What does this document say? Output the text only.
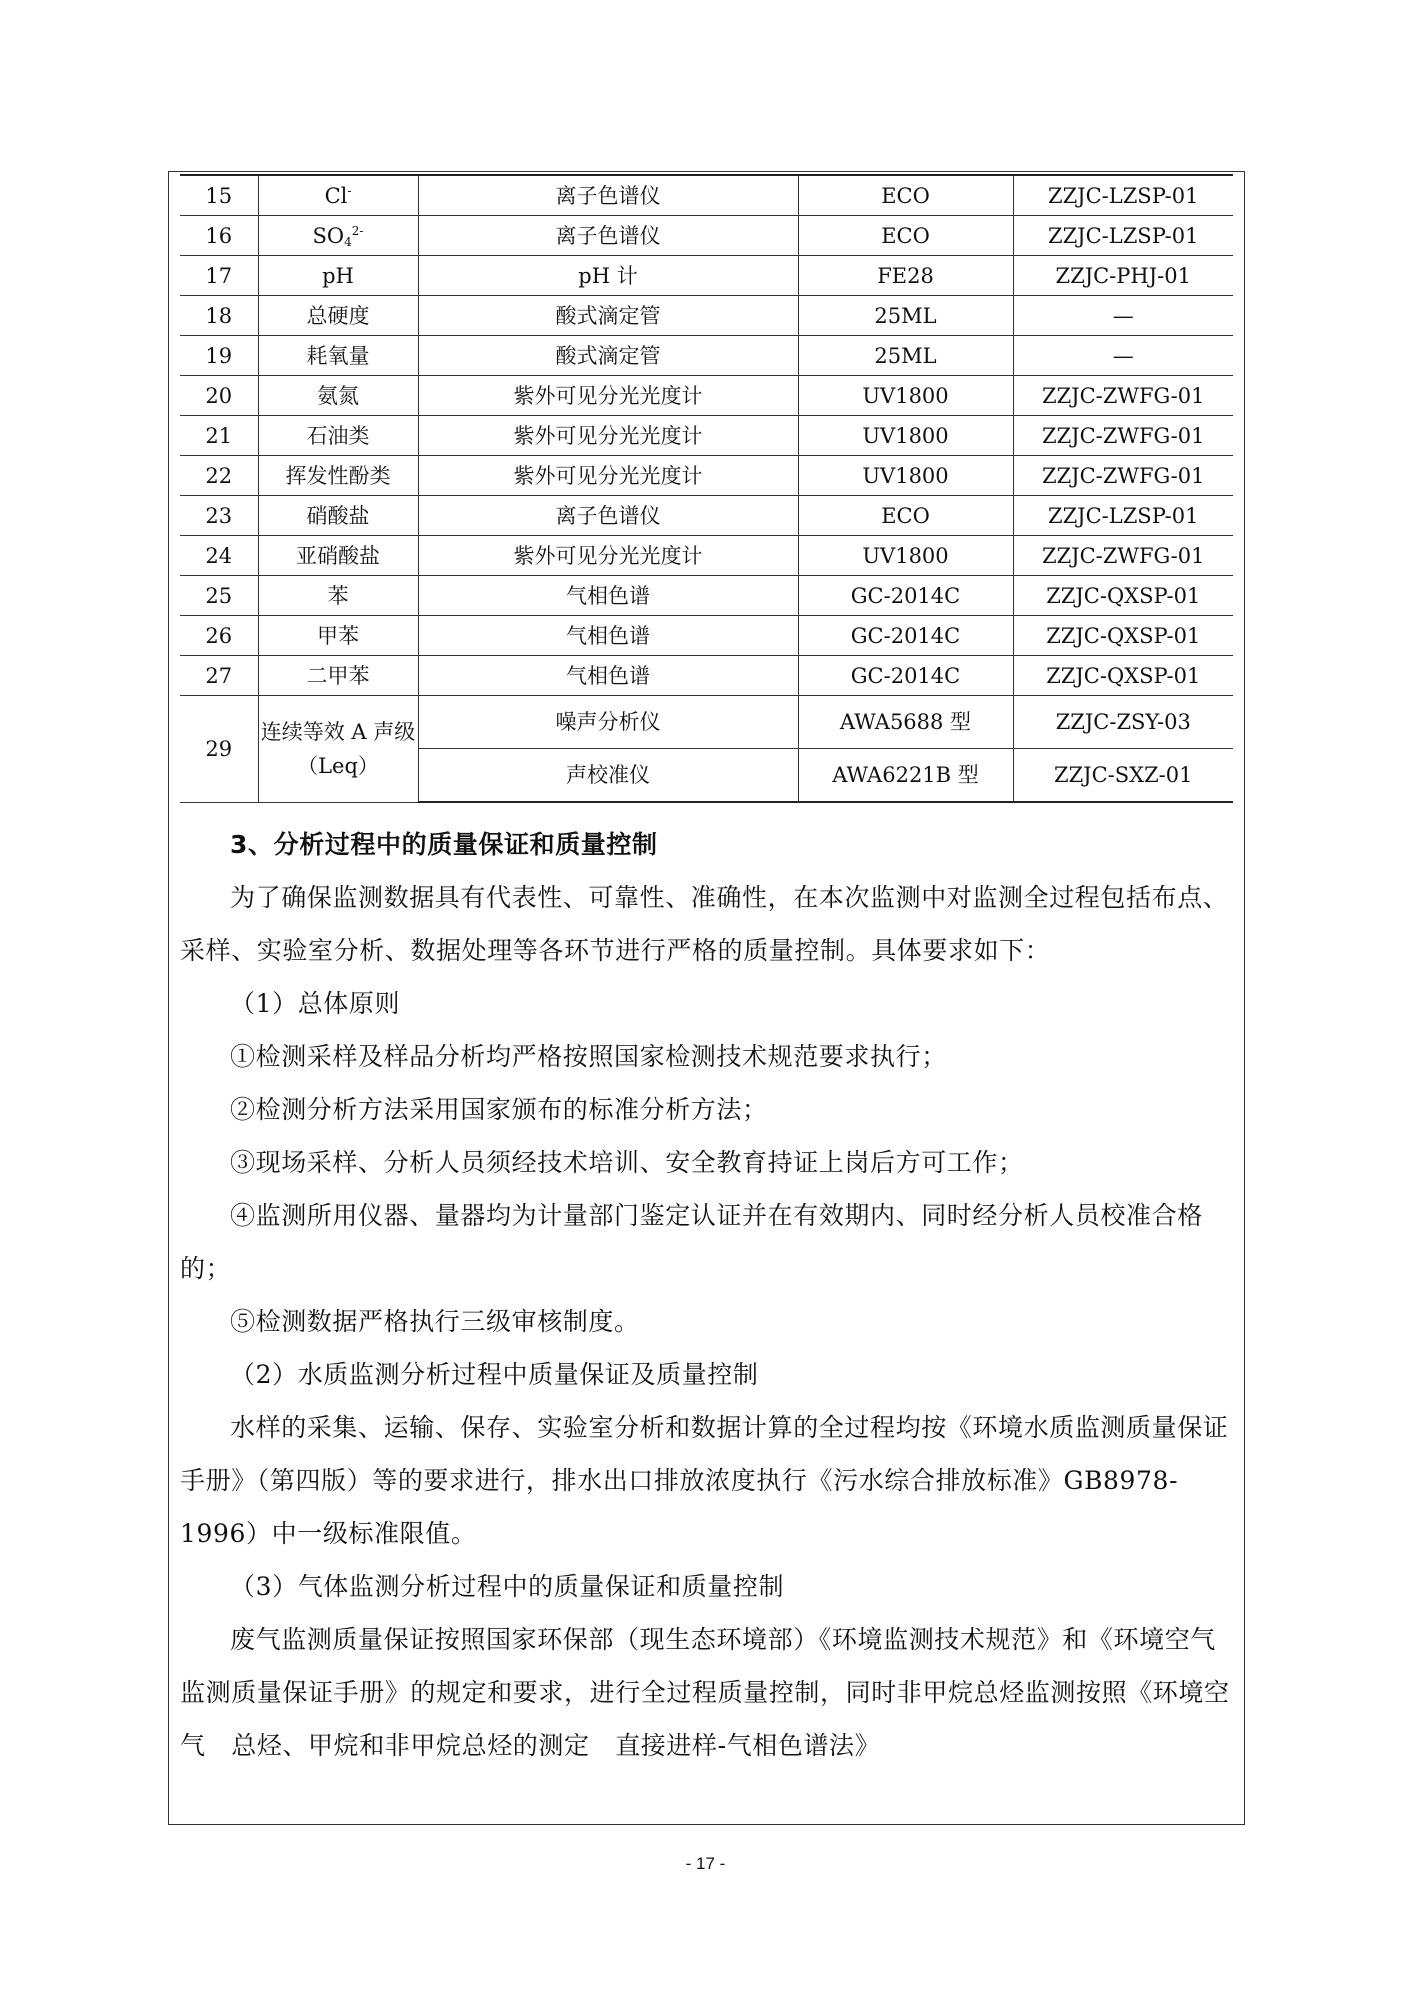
15	Cl-	离子色谱仪	ECO	ZZJC-LZSP-01
16	$SO_4^{2-}$	离子色谱仪	ECO	ZZJC-LZSP-01
17	pH	pH 计	FE28	ZZJC-PHJ-01
18	总硬度	酸式滴定管	25ML	—
19	耗氧量	酸式滴定管	25ML	—
20	氨氮	紫外可见分光光度计	UV1800	ZZJC-ZWFG-01
21	石油类	紫外可见分光光度计	UV1800	ZZJC-ZWFG-01
22	挥发性酚类	紫外可见分光光度计	UV1800	ZZJC-ZWFG-01
23	硝酸盐	离子色谱仪	ECO	ZZJC-LZSP-01
24	亚硝酸盐	紫外可见分光光度计	UV1800	ZZJC-ZWFG-01
25	苯	气相色谱	GC-2014C	ZZJC-QXSP-01
26	甲苯	气相色谱	GC-2014C	ZZJC-QXSP-01
27	二甲苯	气相色谱	GC-2014C	ZZJC-QXSP-01
29	连续等效 A 声级（Leq）	噪声分析仪	AWA5688 型	ZZJC-ZSY-03
		声校准仪	AWA6221B 型	ZZJC-SXZ-01
3、分析过程中的质量保证和质量控制

为了确保监测数据具有代表性、可靠性、准确性，在本次监测中对监测全过程包括布点、采样、实验室分析、数据处理等各环节进行严格的质量控制。具体要求如下：

（1）总体原则

①检测采样及样品分析均严格按照国家检测技术规范要求执行；

②检测分析方法采用国家颁布的标准分析方法；

③现场采样、分析人员须经技术培训、安全教育持证上岗后方可工作；

④监测所用仪器、量器均为计量部门鉴定认证并在有效期内、同时经分析人员校准合格的；

⑤检测数据严格执行三级审核制度。

（2）水质监测分析过程中质量保证及质量控制

水样的采集、运输、保存、实验室分析和数据计算的全过程均按《环境水质监测质量保证手册》（第四版）等的要求进行，排水出口排放浓度执行《污水综合排放标准》GB8978-1996）中一级标准限值。

（3）气体监测分析过程中的质量保证和质量控制

废气监测质量保证按照国家环保部（现生态环境部）《环境监测技术规范》和《环境空气监测质量保证手册》的规定和要求，进行全过程质量控制，同时非甲烷总烃监测按照《环境空气　总烃、甲烷和非甲烷总烃的测定　直接进样-气相色谱法》

- 17 -
